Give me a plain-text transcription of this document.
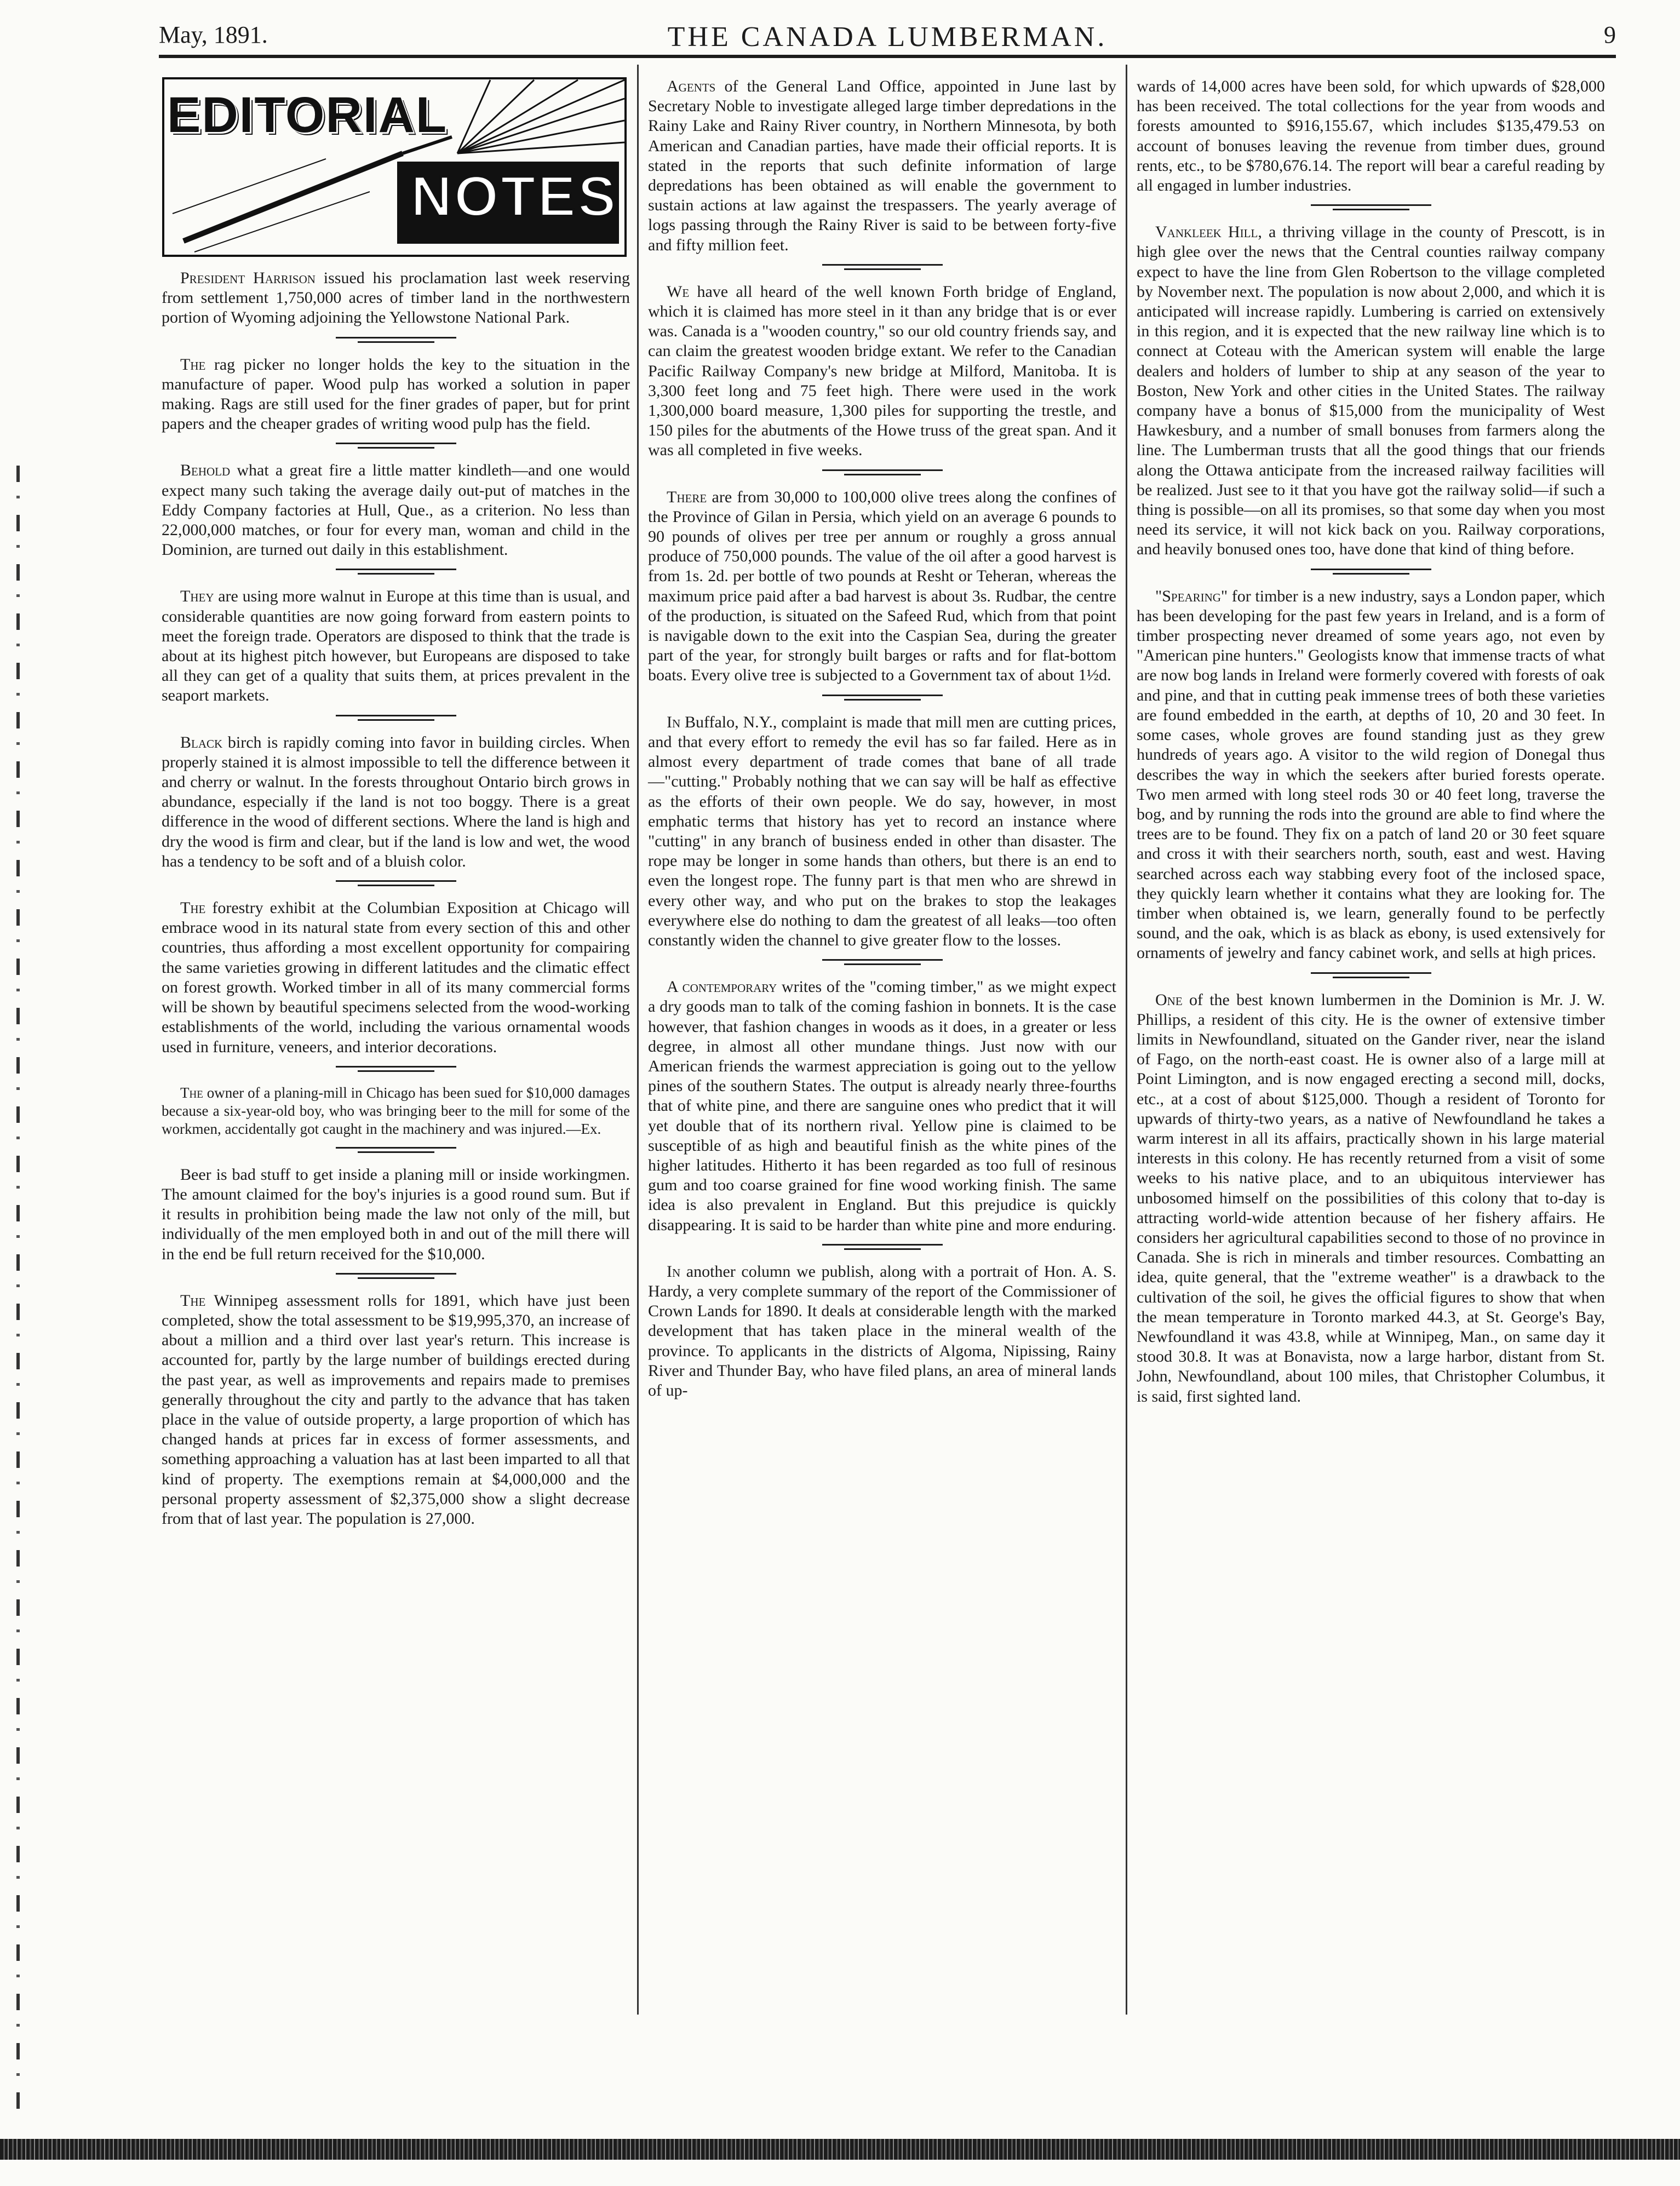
May, 1891.	THE CANADA LUMBERMAN.	9
EDITORIAL
NOTES

President Harrison issued his proclamation last week reserving from settlement 1,750,000 acres of timber land in the northwestern portion of Wyoming adjoining the Yellowstone National Park.

The rag picker no longer holds the key to the situation in the manufacture of paper. Wood pulp has worked a solution in paper making. Rags are still used for the finer grades of paper, but for print papers and the cheaper grades of writing wood pulp has the field.

Behold what a great fire a little matter kindleth—and one would expect many such taking the average daily out-put of matches in the Eddy Company factories at Hull, Que., as a criterion. No less than 22,000,000 matches, or four for every man, woman and child in the Dominion, are turned out daily in this establishment.

They are using more walnut in Europe at this time than is usual, and considerable quantities are now going forward from eastern points to meet the foreign trade. Operators are disposed to think that the trade is about at its highest pitch however, but Europeans are disposed to take all they can get of a quality that suits them, at prices prevalent in the seaport markets.

Black birch is rapidly coming into favor in building circles. When properly stained it is almost impossible to tell the difference between it and cherry or walnut. In the forests throughout Ontario birch grows in abundance, especially if the land is not too boggy. There is a great difference in the wood of different sections. Where the land is high and dry the wood is firm and clear, but if the land is low and wet, the wood has a tendency to be soft and of a bluish color.

The forestry exhibit at the Columbian Exposition at Chicago will embrace wood in its natural state from every section of this and other countries, thus affording a most excellent opportunity for compairing the same varieties growing in different latitudes and the climatic effect on forest growth. Worked timber in all of its many commercial forms will be shown by beautiful specimens selected from the wood-working establishments of the world, including the various ornamental woods used in furniture, veneers, and interior decorations.

The owner of a planing-mill in Chicago has been sued for $10,000 damages because a six-year-old boy, who was bringing beer to the mill for some of the workmen, accidentally got caught in the machinery and was injured.—Ex.

Beer is bad stuff to get inside a planing mill or inside workingmen. The amount claimed for the boy's injuries is a good round sum. But if it results in prohibition being made the law not only of the mill, but individually of the men employed both in and out of the mill there will in the end be full return received for the $10,000.

The Winnipeg assessment rolls for 1891, which have just been completed, show the total assessment to be $19,995,370, an increase of about a million and a third over last year's return. This increase is accounted for, partly by the large number of buildings erected during the past year, as well as improvements and repairs made to premises generally throughout the city and partly to the advance that has taken place in the value of outside property, a large proportion of which has changed hands at prices far in excess of former assessments, and something approaching a valuation has at last been imparted to all that kind of property. The exemptions remain at $4,000,000 and the personal property assessment of $2,375,000 show a slight decrease from that of last year. The population is 27,000.

Agents of the General Land Office, appointed in June last by Secretary Noble to investigate alleged large timber depredations in the Rainy Lake and Rainy River country, in Northern Minnesota, by both American and Canadian parties, have made their official reports. It is stated in the reports that such definite information of large depredations has been obtained as will enable the government to sustain actions at law against the trespassers. The yearly average of logs passing through the Rainy River is said to be between forty-five and fifty million feet.

We have all heard of the well known Forth bridge of England, which it is claimed has more steel in it than any bridge that is or ever was. Canada is a "wooden country," so our old country friends say, and can claim the greatest wooden bridge extant. We refer to the Canadian Pacific Railway Company's new bridge at Milford, Manitoba. It is 3,300 feet long and 75 feet high. There were used in the work 1,300,000 board measure, 1,300 piles for supporting the trestle, and 150 piles for the abutments of the Howe truss of the great span. And it was all completed in five weeks.

There are from 30,000 to 100,000 olive trees along the confines of the Province of Gilan in Persia, which yield on an average 6 pounds to 90 pounds of olives per tree per annum or roughly a gross annual produce of 750,000 pounds. The value of the oil after a good harvest is from 1s. 2d. per bottle of two pounds at Resht or Teheran, whereas the maximum price paid after a bad harvest is about 3s. Rudbar, the centre of the production, is situated on the Safeed Rud, which from that point is navigable down to the exit into the Caspian Sea, during the greater part of the year, for strongly built barges or rafts and for flat-bottom boats. Every olive tree is subjected to a Government tax of about 1½d.

In Buffalo, N.Y., complaint is made that mill men are cutting prices, and that every effort to remedy the evil has so far failed. Here as in almost every department of trade comes that bane of all trade—"cutting." Probably nothing that we can say will be half as effective as the efforts of their own people. We do say, however, in most emphatic terms that history has yet to record an instance where "cutting" in any branch of business ended in other than disaster. The rope may be longer in some hands than others, but there is an end to even the longest rope. The funny part is that men who are shrewd in every other way, and who put on the brakes to stop the leakages everywhere else do nothing to dam the greatest of all leaks—too often constantly widen the channel to give greater flow to the losses.

A contemporary writes of the "coming timber," as we might expect a dry goods man to talk of the coming fashion in bonnets. It is the case however, that fashion changes in woods as it does, in a greater or less degree, in almost all other mundane things. Just now with our American friends the warmest appreciation is going out to the yellow pines of the southern States. The output is already nearly three-fourths that of white pine, and there are sanguine ones who predict that it will yet double that of its northern rival. Yellow pine is claimed to be susceptible of as high and beautiful finish as the white pines of the higher latitudes. Hitherto it has been regarded as too full of resinous gum and too coarse grained for fine wood working finish. The same idea is also prevalent in England. But this prejudice is quickly disappearing. It is said to be harder than white pine and more enduring.

In another column we publish, along with a portrait of Hon. A. S. Hardy, a very complete summary of the report of the Commissioner of Crown Lands for 1890. It deals at considerable length with the marked development that has taken place in the mineral wealth of the province. To applicants in the districts of Algoma, Nipissing, Rainy River and Thunder Bay, who have filed plans, an area of mineral lands of up-

wards of 14,000 acres have been sold, for which upwards of $28,000 has been received. The total collections for the year from woods and forests amounted to $916,155.67, which includes $135,479.53 on account of bonuses leaving the revenue from timber dues, ground rents, etc., to be $780,676.14. The report will bear a careful reading by all engaged in lumber industries.

Vankleek Hill, a thriving village in the county of Prescott, is in high glee over the news that the Central counties railway company expect to have the line from Glen Robertson to the village completed by November next. The population is now about 2,000, and which it is anticipated will increase rapidly. Lumbering is carried on extensively in this region, and it is expected that the new railway line which is to connect at Coteau with the American system will enable the large dealers and holders of lumber to ship at any season of the year to Boston, New York and other cities in the United States. The railway company have a bonus of $15,000 from the municipality of West Hawkesbury, and a number of small bonuses from farmers along the line. The Lumberman trusts that all the good things that our friends along the Ottawa anticipate from the increased railway facilities will be realized. Just see to it that you have got the railway solid—if such a thing is possible—on all its promises, so that some day when you most need its service, it will not kick back on you. Railway corporations, and heavily bonused ones too, have done that kind of thing before.

"Spearing" for timber is a new industry, says a London paper, which has been developing for the past few years in Ireland, and is a form of timber prospecting never dreamed of some years ago, not even by "American pine hunters." Geologists know that immense tracts of what are now bog lands in Ireland were formerly covered with forests of oak and pine, and that in cutting peak immense trees of both these varieties are found embedded in the earth, at depths of 10, 20 and 30 feet. In some cases, whole groves are found standing just as they grew hundreds of years ago. A visitor to the wild region of Donegal thus describes the way in which the seekers after buried forests operate. Two men armed with long steel rods 30 or 40 feet long, traverse the bog, and by running the rods into the ground are able to find where the trees are to be found. They fix on a patch of land 20 or 30 feet square and cross it with their searchers north, south, east and west. Having searched across each way stabbing every foot of the inclosed space, they quickly learn whether it contains what they are looking for. The timber when obtained is, we learn, generally found to be perfectly sound, and the oak, which is as black as ebony, is used extensively for ornaments of jewelry and fancy cabinet work, and sells at high prices.

One of the best known lumbermen in the Dominion is Mr. J. W. Phillips, a resident of this city. He is the owner of extensive timber limits in Newfoundland, situated on the Gander river, near the island of Fago, on the north-east coast. He is owner also of a large mill at Point Limington, and is now engaged erecting a second mill, docks, etc., at a cost of about $125,000. Though a resident of Toronto for upwards of thirty-two years, as a native of Newfoundland he takes a warm interest in all its affairs, practically shown in his large material interests in this colony. He has recently returned from a visit of some weeks to his native place, and to an ubiquitous interviewer has unbosomed himself on the possibilities of this colony that to-day is attracting world-wide attention because of her fishery affairs. He considers her agricultural capabilities second to those of no province in Canada. She is rich in minerals and timber resources. Combatting an idea, quite general, that the "extreme weather" is a drawback to the cultivation of the soil, he gives the official figures to show that when the mean temperature in Toronto marked 44.3, at St. George's Bay, Newfoundland it was 43.8, while at Winnipeg, Man., on same day it stood 30.8. It was at Bonavista, now a large harbor, distant from St. John, Newfoundland, about 100 miles, that Christopher Columbus, it is said, first sighted land.
